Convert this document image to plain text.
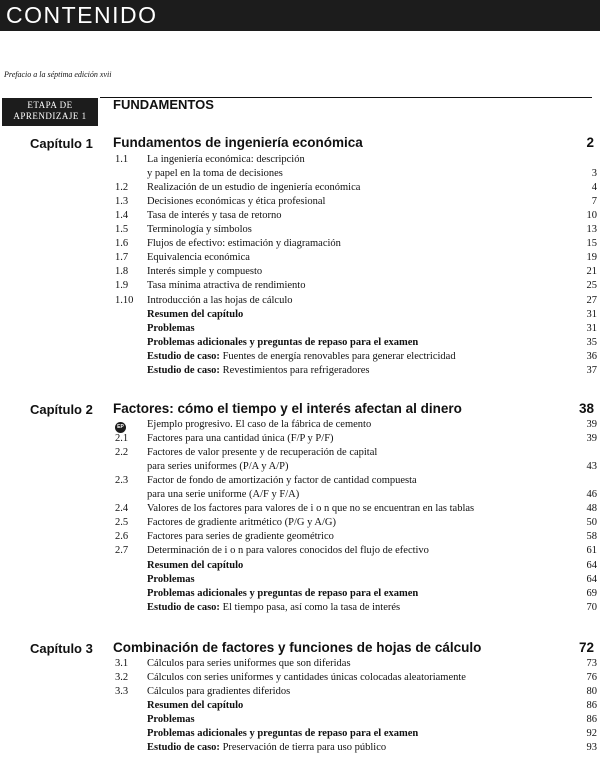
CONTENIDO
Prefacio a la séptima edición xvii
ETAPA DE
APRENDIZAJE 1
FUNDAMENTOS
Capítulo 1 Fundamentos de ingeniería económica	2
1.1 La ingeniería económica: descripción
y papel en la toma de decisiones	3
1.2 Realización de un estudio de ingeniería económica	4
1.3 Decisiones económicas y ética profesional	7
1.4 Tasa de interés y tasa de retorno	10
1.5 Terminología y símbolos	13
1.6 Flujos de efectivo: estimación y diagramación	15
1.7 Equivalencia económica	19
1.8 Interés simple y compuesto	21
1.9 Tasa mínima atractiva de rendimiento	25
1.10 Introducción a las hojas de cálculo	27
Resumen del capítulo	31
Problemas	31
Problemas adicionales y preguntas de repaso para el examen	35
Estudio de caso: Fuentes de energía renovables para generar electricidad	36
Estudio de caso: Revestimientos para refrigeradores	37
Capítulo 2 Factores: cómo el tiempo y el interés afectan al dinero	38
EP Ejemplo progresivo. El caso de la fábrica de cemento	39
2.1 Factores para una cantidad única (F/P y P/F)	39
2.2 Factores de valor presente y de recuperación de capital
para series uniformes (P/A y A/P)	43
2.3 Factor de fondo de amortización y factor de cantidad compuesta
para una serie uniforme (A/F y F/A)	46
2.4 Valores de los factores para valores de i o n que no se encuentran en las tablas	48
2.5 Factores de gradiente aritmético (P/G y A/G)	50
2.6 Factores para series de gradiente geométrico	58
2.7 Determinación de i o n para valores conocidos del flujo de efectivo	61
Resumen del capítulo	64
Problemas	64
Problemas adicionales y preguntas de repaso para el examen	69
Estudio de caso: El tiempo pasa, así como la tasa de interés	70
Capítulo 3 Combinación de factores y funciones de hojas de cálculo	72
3.1 Cálculos para series uniformes que son diferidas	73
3.2 Cálculos con series uniformes y cantidades únicas colocadas aleatoriamente	76
3.3 Cálculos para gradientes diferidos	80
Resumen del capítulo	86
Problemas	86
Problemas adicionales y preguntas de repaso para el examen	92
Estudio de caso: Preservación de tierra para uso público	93
